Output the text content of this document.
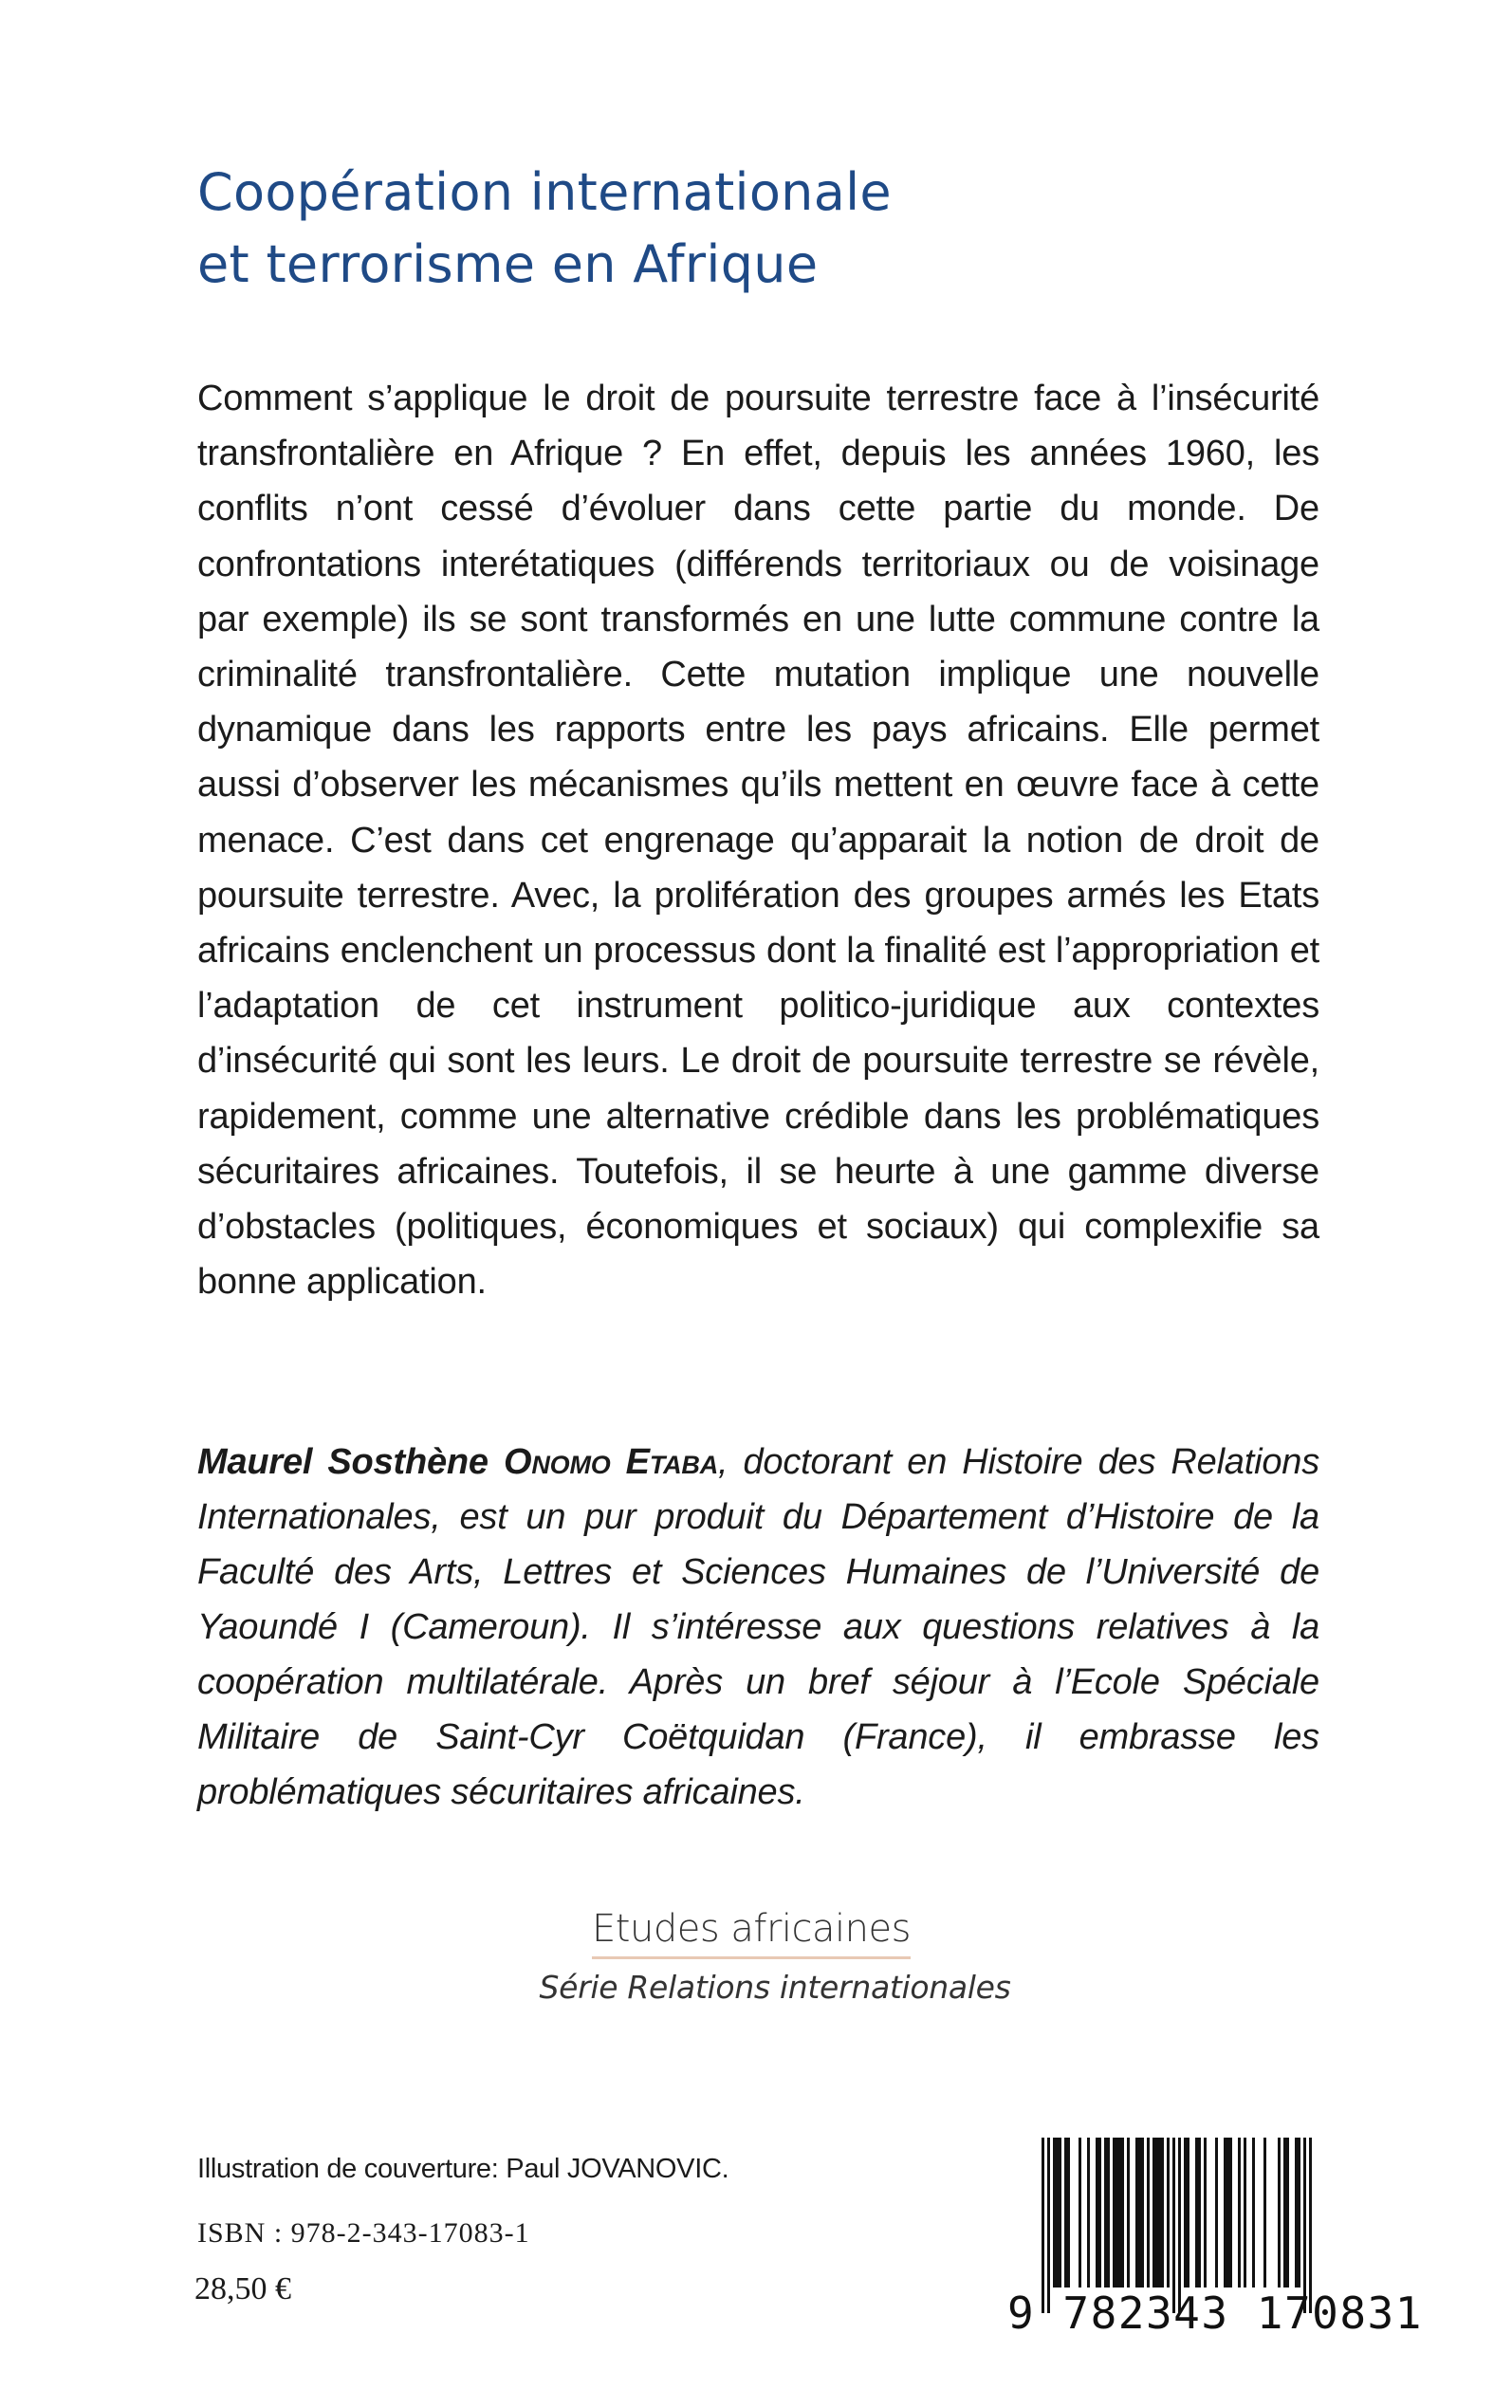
Coopération internationale
et terrorisme en Afrique
Comment s’applique le droit de poursuite terrestre face à l’insécurité transfrontalière en Afrique ? En effet, depuis les années 1960, les conflits n’ont cessé d’évoluer dans cette partie du monde. De confrontations interétatiques (différends territoriaux ou de voisinage par exemple) ils se sont transformés en une lutte commune contre la criminalité transfrontalière. Cette mutation implique une nouvelle dynamique dans les rapports entre les pays africains. Elle permet aussi d’observer les mécanismes qu’ils mettent en œuvre face à cette menace. C’est dans cet engrenage qu’apparait la notion de droit de poursuite terrestre. Avec, la prolifération des groupes armés les Etats africains enclenchent un processus dont la finalité est l’appropriation et l’adaptation de cet instrument politico-juridique aux contextes d’insécurité qui sont les leurs. Le droit de poursuite terrestre se révèle, rapidement, comme une alternative crédible dans les problématiques sécuritaires africaines. Toutefois, il se heurte à une gamme diverse d’obstacles (politiques, économiques et sociaux) qui complexifie sa bonne application.
Maurel Sosthène Onomo Etaba, doctorant en Histoire des Relations Internationales, est un pur produit du Département d’Histoire de la Faculté des Arts, Lettres et Sciences Humaines de l’Université de Yaoundé I (Cameroun). Il s’intéresse aux questions relatives à la coopération multilatérale. Après un bref séjour à l’Ecole Spéciale Militaire de Saint-Cyr Coëtquidan (France), il embrasse les problématiques sécuritaires africaines.
Etudes africaines
Série Relations internationales
Illustration de couverture: Paul JOVANOVIC.
ISBN : 978-2-343-17083-1
28,50 €	9 782343 170831
